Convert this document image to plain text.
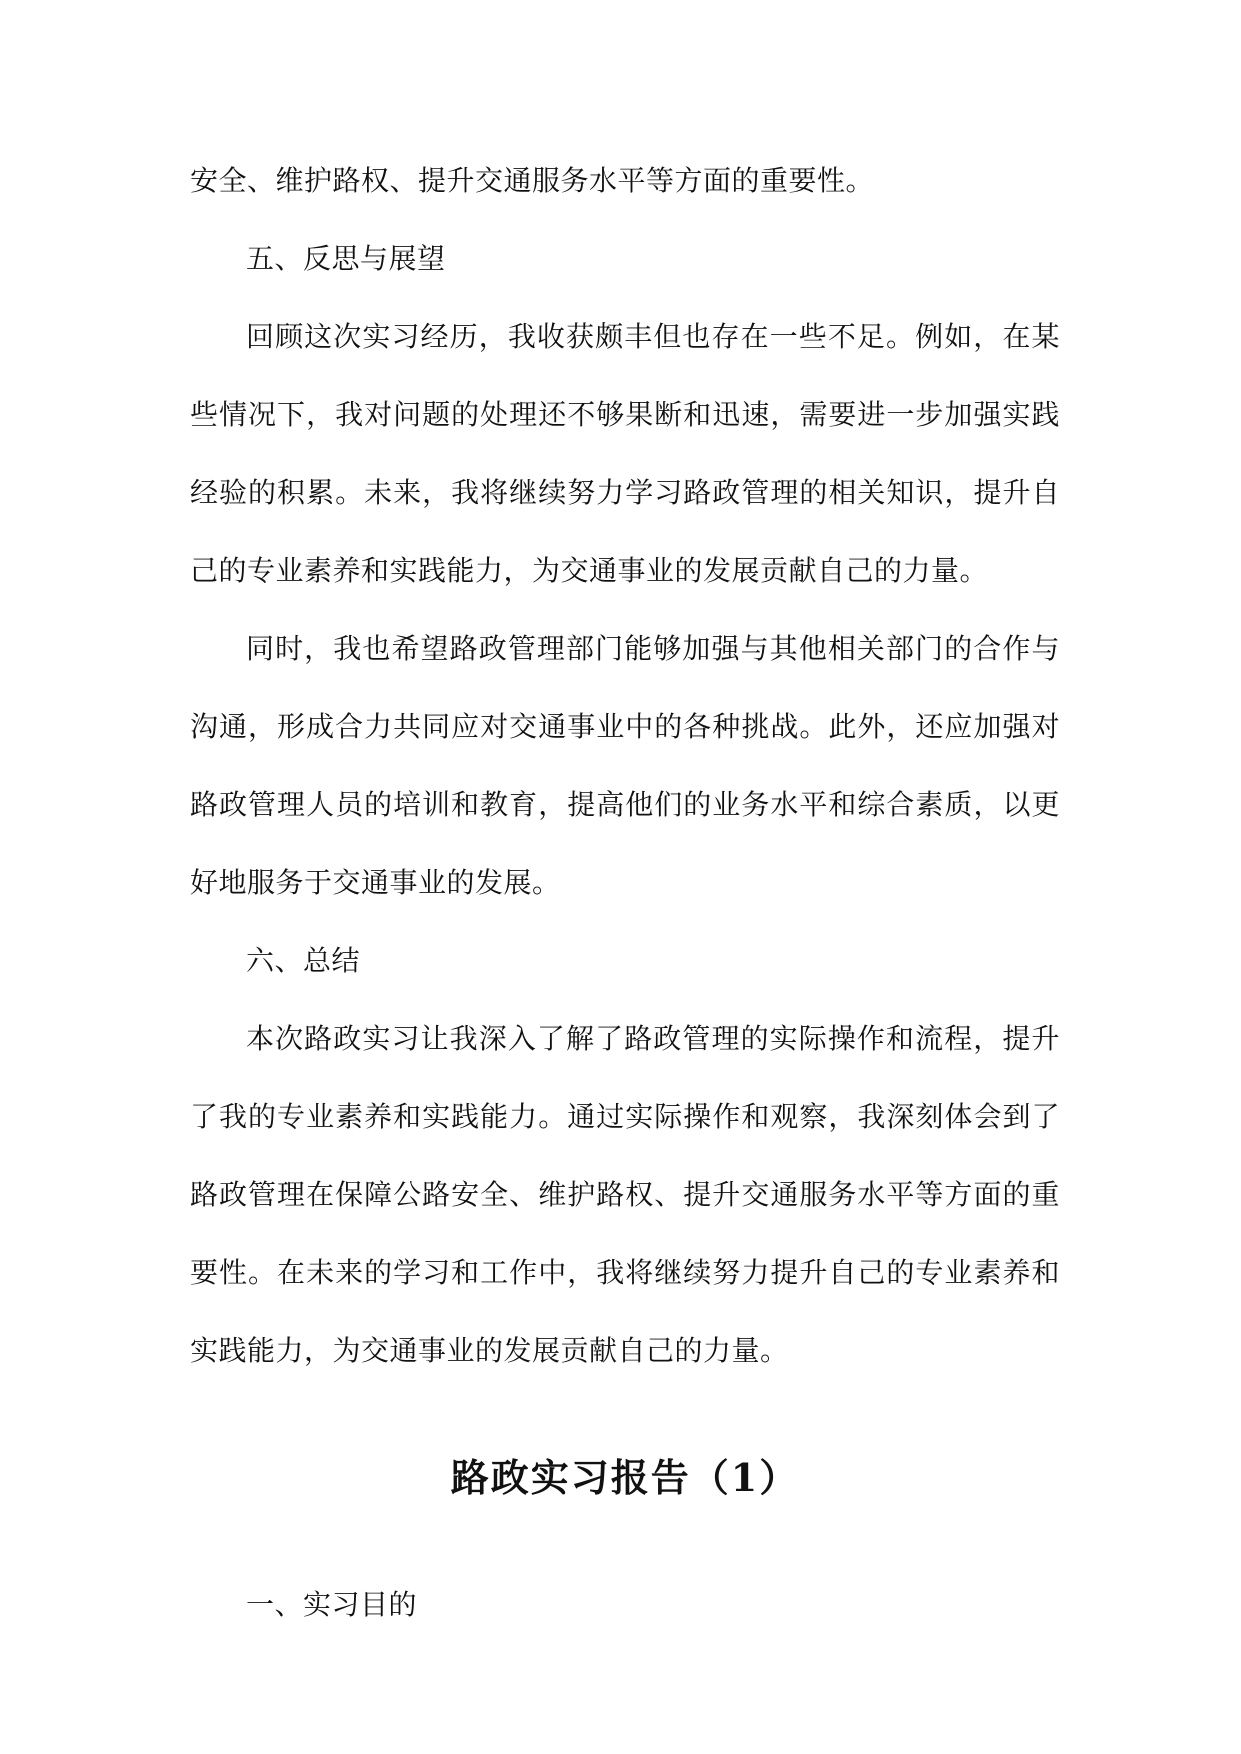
安全、维护路权、提升交通服务水平等方面的重要性。

五、反思与展望

回顾这次实习经历，我收获颇丰但也存在一些不足。例如，在某些情况下，我对问题的处理还不够果断和迅速，需要进一步加强实践经验的积累。未来，我将继续努力学习路政管理的相关知识，提升自己的专业素养和实践能力，为交通事业的发展贡献自己的力量。

同时，我也希望路政管理部门能够加强与其他相关部门的合作与沟通，形成合力共同应对交通事业中的各种挑战。此外，还应加强对路政管理人员的培训和教育，提高他们的业务水平和综合素质，以更好地服务于交通事业的发展。

六、总结

本次路政实习让我深入了解了路政管理的实际操作和流程，提升了我的专业素养和实践能力。通过实际操作和观察，我深刻体会到了路政管理在保障公路安全、维护路权、提升交通服务水平等方面的重要性。在未来的学习和工作中，我将继续努力提升自己的专业素养和实践能力，为交通事业的发展贡献自己的力量。

路政实习报告（1）

一、实习目的
